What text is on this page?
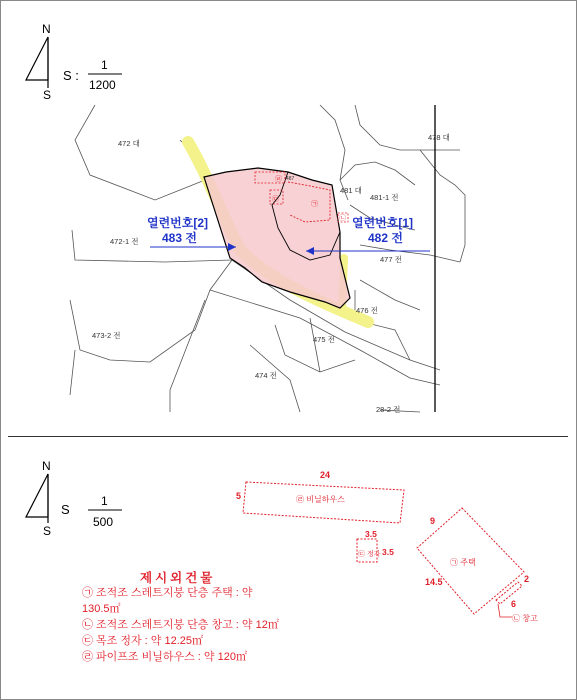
N
S
S :
1
1200
472 대
472-1 전
473-2 전
474 전
475 전
476 전
477 전
478 대
481 대
481-1 전
28-2 전
487
㉣
㉢
㉠
㉡
열련번호[2]
483 전
열련번호[1]
482 전
N
S
S
1
500
24
5	㉣ 비닐하우스
3.5
3.5
㉢ 정자
9
14.5	2
㉠ 주택
6
㉡ 창고
제시외건물
㉠ 조적조 스레트지붕 단층 주택 : 약
130.5㎡
㉡ 조적조 스레트지붕 단층 창고 : 약 12㎡
㉢ 목조 정자 : 약 12.25㎡
㉣ 파이프조 비닐하우스 : 약 120㎡
